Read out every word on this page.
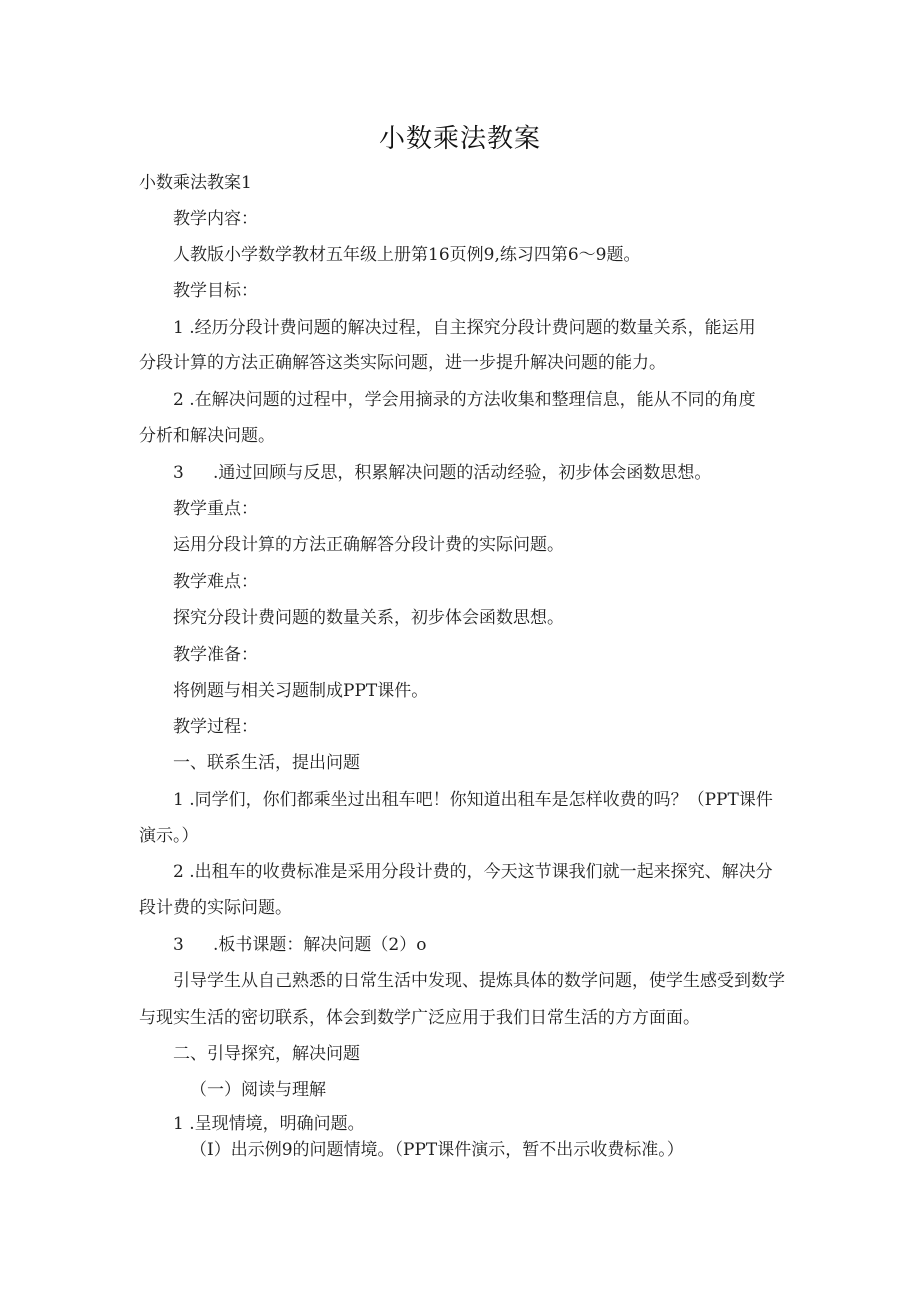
小数乘法教案
小数乘法教案1
教学内容：
人教版小学数学教材五年级上册第16页例9,练习四第6～9题。
教学目标：
1 .经历分段计费问题的解决过程，自主探究分段计费问题的数量关系，能运用
分段计算的方法正确解答这类实际问题，进一步提升解决问题的能力。
2 .在解决问题的过程中，学会用摘录的方法收集和整理信息，能从不同的角度
分析和解决问题。
3 .通过回顾与反思，积累解决问题的活动经验，初步体会函数思想。
教学重点：
运用分段计算的方法正确解答分段计费的实际问题。
教学难点：
探究分段计费问题的数量关系，初步体会函数思想。
教学准备：
将例题与相关习题制成PPT课件。
教学过程：
一、联系生活，提出问题
1 .同学们，你们都乘坐过出租车吧！你知道出租车是怎样收费的吗？（PPT课件
演示。）
2 .出租车的收费标准是采用分段计费的，今天这节课我们就一起来探究、解决分
段计费的实际问题。
3 .板书课题：解决问题（2）o
引导学生从自己熟悉的日常生活中发现、提炼具体的数学问题，使学生感受到数学
与现实生活的密切联系，体会到数学广泛应用于我们日常生活的方方面面。
二、引导探究，解决问题
（一）阅读与理解
1 .呈现情境，明确问题。
（I）出示例9的问题情境。（PPT课件演示，暂不出示收费标准。）
